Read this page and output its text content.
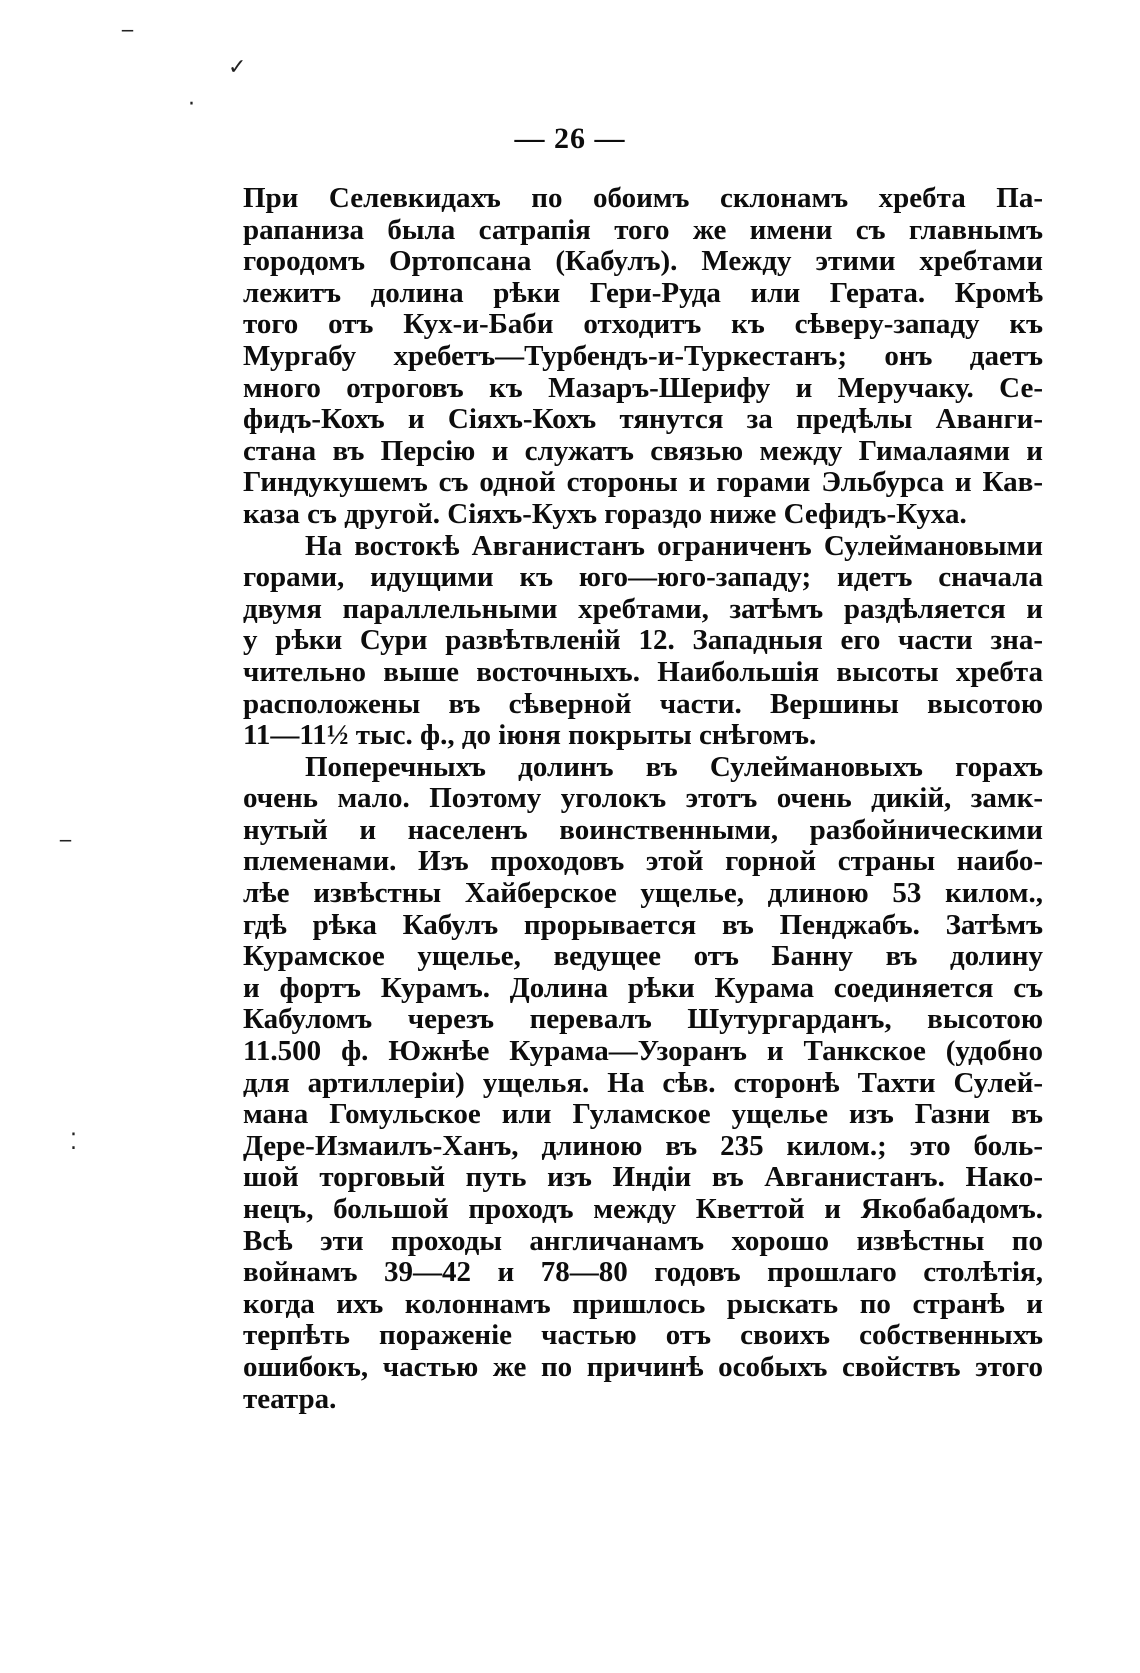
— 26 —
При Селевкидахъ по обоимъ склонамъ хребта Па-
рапаниза была сатрапія того же имени съ главнымъ
городомъ Ортопсана (Кабулъ). Между этими хребтами
лежитъ долина рѣки Гери-Руда или Герата. Кромѣ
того отъ Кух-и-Баби отходитъ къ сѣверу-западу къ
Мургабу хребетъ—Турбендъ-и-Туркестанъ; онъ даетъ
много отроговъ къ Мазаръ-Шерифу и Меручаку. Се-
фидъ-Кохъ и Сіяхъ-Кохъ тянутся за предѣлы Аванги-
стана въ Персію и служатъ связью между Гималаями и
Гиндукушемъ съ одной стороны и горами Эльбурса и Кав-
каза съ другой. Сіяхъ-Кухъ гораздо ниже Сефидъ-Куха.
На востокѣ Авганистанъ ограниченъ Сулеймановыми
горами, идущими къ юго—юго-западу; идетъ сначала
двумя параллельными хребтами, затѣмъ раздѣляется и
у рѣки Сури развѣтвленій 12. Западныя его части зна-
чительно выше восточныхъ. Наибольшія высоты хребта
расположены въ сѣверной части. Вершины высотою
11—11½ тыс. ф., до іюня покрыты снѣгомъ.
Поперечныхъ долинъ въ Сулеймановыхъ горахъ
очень мало. Поэтому уголокъ этотъ очень дикій, замк-
нутый и населенъ воинственными, разбойническими
племенами. Изъ проходовъ этой горной страны наибо-
лѣе извѣстны Хайберское ущелье, длиною 53 килом.,
гдѣ рѣка Кабулъ прорывается въ Пенджабъ. Затѣмъ
Курамское ущелье, ведущее отъ Банну въ долину
и фортъ Курамъ. Долина рѣки Курама соединяется съ
Кабуломъ черезъ перевалъ Шутургарданъ, высотою
11.500 ф. Южнѣе Курама—Узоранъ и Танкское (удобно
для артиллеріи) ущелья. На сѣв. сторонѣ Тахти Сулей-
мана Гомульское или Гуламское ущелье изъ Газни въ
Дере-Измаилъ-Ханъ, длиною въ 235 килом.; это боль-
шой торговый путь изъ Индіи въ Авганистанъ. Нако-
нецъ, большой проходъ между Кветтой и Якобабадомъ.
Всѣ эти проходы англичанамъ хорошо извѣстны по
войнамъ 39—42 и 78—80 годовъ прошлаго столѣтія,
когда ихъ колоннамъ пришлось рыскать по странѣ и
терпѣть пораженіе частью отъ своихъ собственныхъ
ошибокъ, частью же по причинѣ особыхъ свойствъ этого
театра.
‾
✓
·
‾
⁚
